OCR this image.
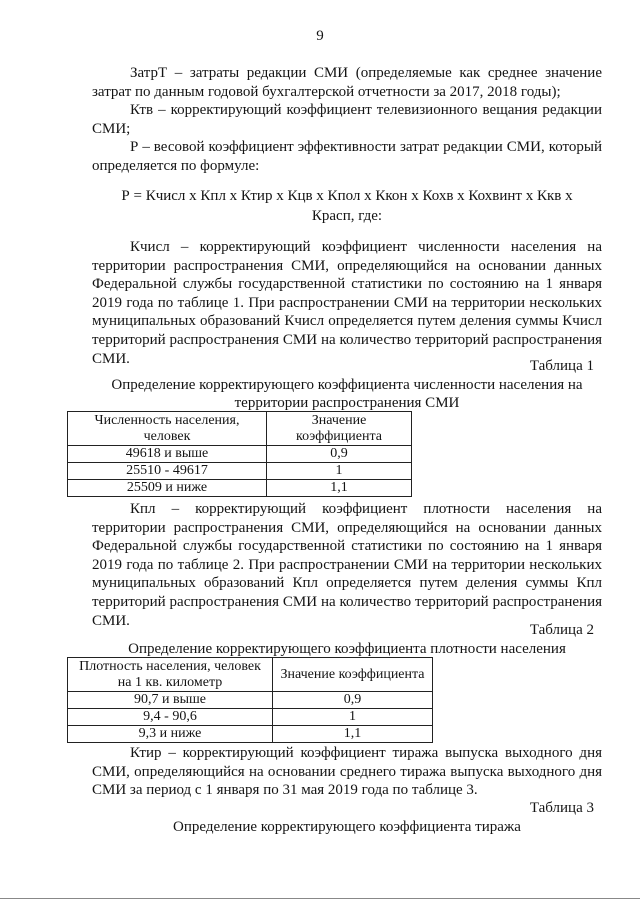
9

ЗатрТ – затраты редакции СМИ (определяемые как среднее значение затрат по данным годовой бухгалтерской отчетности за 2017, 2018 годы);

Ктв – корректирующий коэффициент телевизионного вещания редакции СМИ;

Р – весовой коэффициент эффективности затрат редакции СМИ, который определяется по формуле:

Р = Кчисл х Кпл х Ктир х Кцв х Кпол х Ккон х Кохв х Кохвинт х Ккв х
Красп, где:

Кчисл – корректирующий коэффициент численности населения на территории распространения СМИ, определяющийся на основании данных Федеральной службы государственной статистики по состоянию на 1 января 2019 года по таблице 1. При распространении СМИ на территории нескольких муниципальных образований Кчисл определяется путем деления суммы Кчисл территорий распространения СМИ на количество территорий распространения СМИ.	Таблица 1
Определение корректирующего коэффициента численности населения на территории распространения СМИ
Численность населения, человек	Значение коэффициента
49618 и выше	0,9
25510 - 49617	1
25509 и ниже	1,1

Кпл – корректирующий коэффициент плотности населения на территории распространения СМИ, определяющийся на основании данных Федеральной службы государственной статистики по состоянию на 1 января 2019 года по таблице 2. При распространении СМИ на территории нескольких муниципальных образований Кпл определяется путем деления суммы Кпл территорий распространения СМИ на количество территорий распространения СМИ.

Таблица 2
Определение корректирующего коэффициента плотности населения
Плотность населения, человек на 1 кв. километр	Значение коэффициента
90,7 и выше	0,9
9,4 - 90,6	1
9,3 и ниже	1,1

Ктир – корректирующий коэффициент тиража выпуска выходного дня СМИ, определяющийся на основании среднего тиража выпуска выходного дня СМИ за период с 1 января по 31 мая 2019 года по таблице 3.

Таблица 3
Определение корректирующего коэффициента тиража
